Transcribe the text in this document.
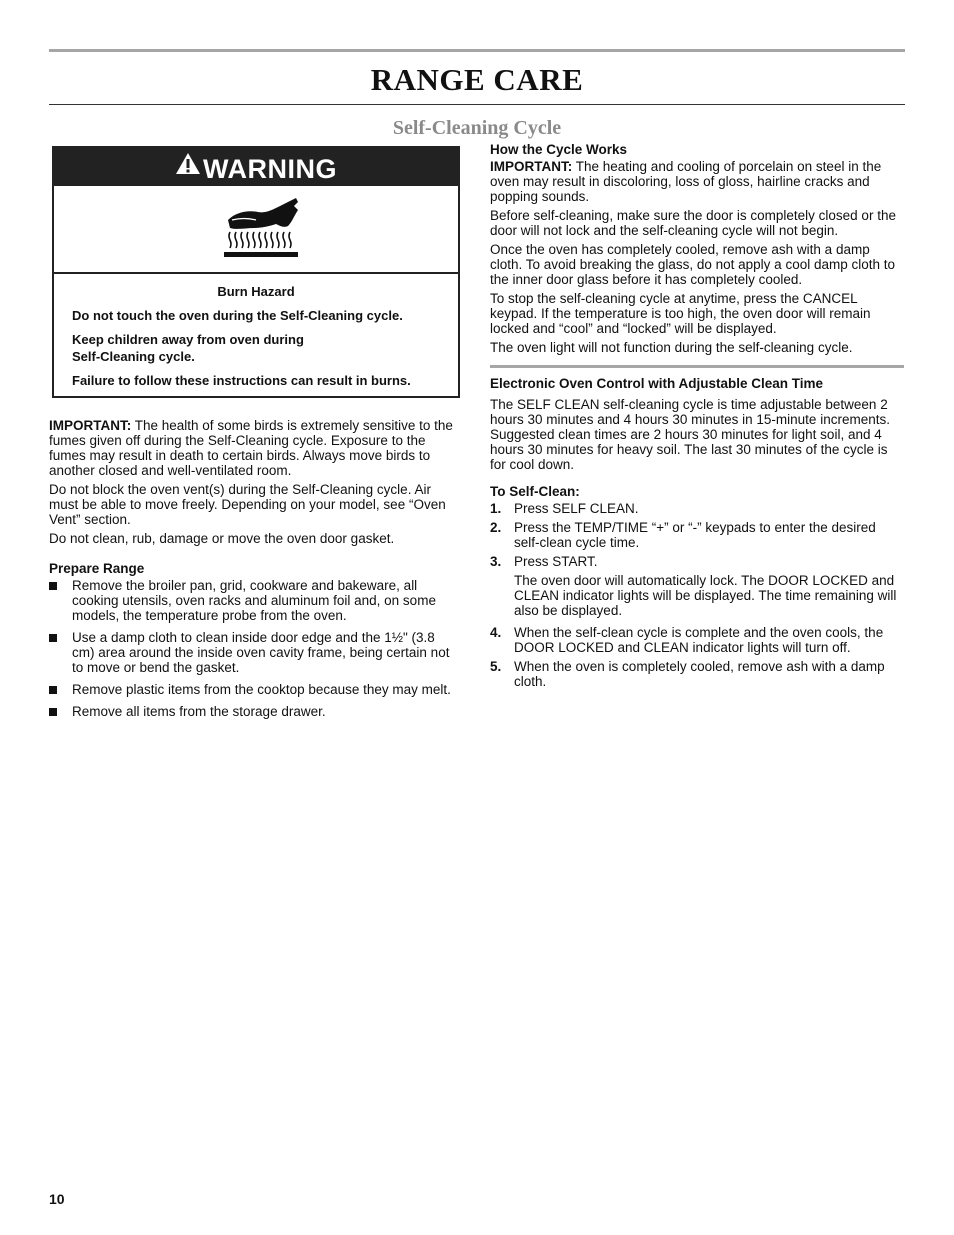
RANGE CARE
Self-Cleaning Cycle
WARNING
Burn Hazard
Do not touch the oven during the Self-Cleaning cycle.
Keep children away from oven during
Self-Cleaning cycle.
Failure to follow these instructions can result in burns.

IMPORTANT: The health of some birds is extremely sensitive to the fumes given off during the Self-Cleaning cycle. Exposure to the fumes may result in death to certain birds. Always move birds to another closed and well-ventilated room.

Do not block the oven vent(s) during the Self-Cleaning cycle. Air must be able to move freely. Depending on your model, see “Oven Vent” section.

Do not clean, rub, damage or move the oven door gasket.

Prepare Range
Remove the broiler pan, grid, cookware and bakeware, all cooking utensils, oven racks and aluminum foil and, on some models, the temperature probe from the oven.
Use a damp cloth to clean inside door edge and the 1½" (3.8 cm) area around the inside oven cavity frame, being certain not to move or bend the gasket.
Remove plastic items from the cooktop because they may melt.
Remove all items from the storage drawer.
How the Cycle Works

IMPORTANT: The heating and cooling of porcelain on steel in the oven may result in discoloring, loss of gloss, hairline cracks and popping sounds.

Before self-cleaning, make sure the door is completely closed or the door will not lock and the self-cleaning cycle will not begin.

Once the oven has completely cooled, remove ash with a damp cloth. To avoid breaking the glass, do not apply a cool damp cloth to the inner door glass before it has completely cooled.

To stop the self-cleaning cycle at anytime, press the CANCEL keypad. If the temperature is too high, the oven door will remain locked and “cool” and “locked” will be displayed.

The oven light will not function during the self-cleaning cycle.

Electronic Oven Control with Adjustable Clean Time

The SELF CLEAN self-cleaning cycle is time adjustable between 2 hours 30 minutes and 4 hours 30 minutes in 15-minute increments. Suggested clean times are 2 hours 30 minutes for light soil, and 4 hours 30 minutes for heavy soil. The last 30 minutes of the cycle is for cool down.

To Self-Clean:
1. Press SELF CLEAN.
2. Press the TEMP/TIME “+” or “-” keypads to enter the desired self-clean cycle time.
3. Press START.
The oven door will automatically lock. The DOOR LOCKED and CLEAN indicator lights will be displayed. The time remaining will also be displayed.
4. When the self-clean cycle is complete and the oven cools, the DOOR LOCKED and CLEAN indicator lights will turn off.
5. When the oven is completely cooled, remove ash with a damp cloth.
10
